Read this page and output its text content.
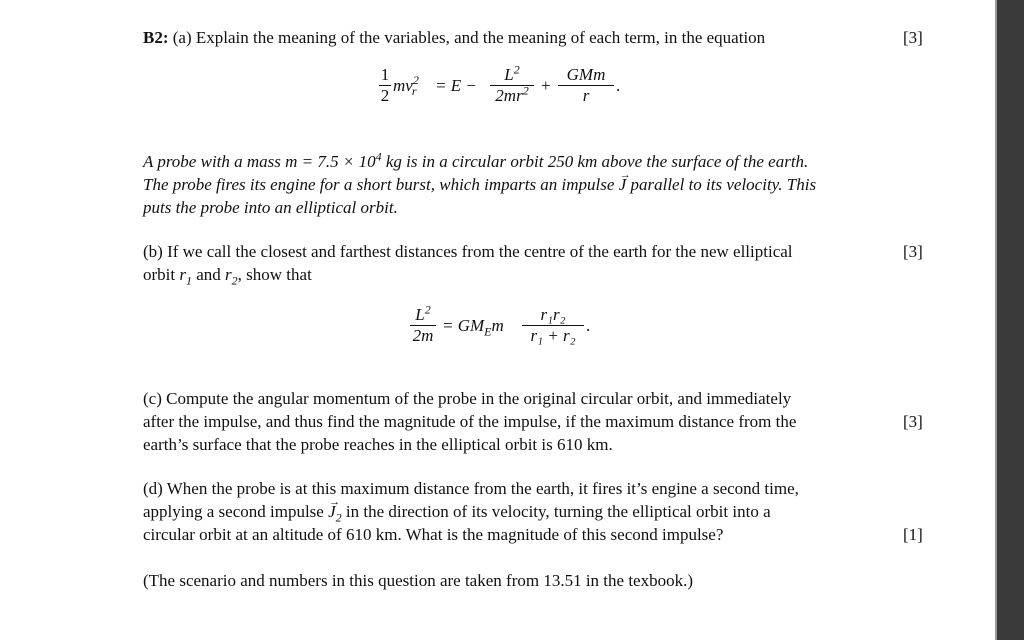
B2: (a) Explain the meaning of the variables, and the meaning of each term, in the equation	[3]
1
2
$mv^2_r$	= E −
$L^2$
$2mr^2$ +
GMm
r
.
A probe with a mass $m = 7.5 \times 10^4$ kg is in a circular orbit 250 km above the surface of the earth.
The probe fires its engine for a short burst, which imparts an impulse → J parallel to its velocity. This
puts the probe into an elliptical orbit.
(b) If we call the closest and farthest distances from the centre of the earth for the new elliptical
orbit $r_1$ and $r_2$, show that
[3]
$L^2$
2m
= $GM_Em$
r₁r₂
r₁ + r₂
.
(c) Compute the angular momentum of the probe in the original circular orbit, and immediately
after the impulse, and thus find the magnitude of the impulse, if the maximum distance from the
earth’s surface that the probe reaches in the elliptical orbit is 610 km.
[3]
(d) When the probe is at this maximum distance from the earth, it fires it’s engine a second time,
applying a second impulse → $J_2$ in the direction of its velocity, turning the elliptical orbit into a
circular orbit at an altitude of 610 km. What is the magnitude of this second impulse?	[1]
(The scenario and numbers in this question are taken from 13.51 in the texbook.)
